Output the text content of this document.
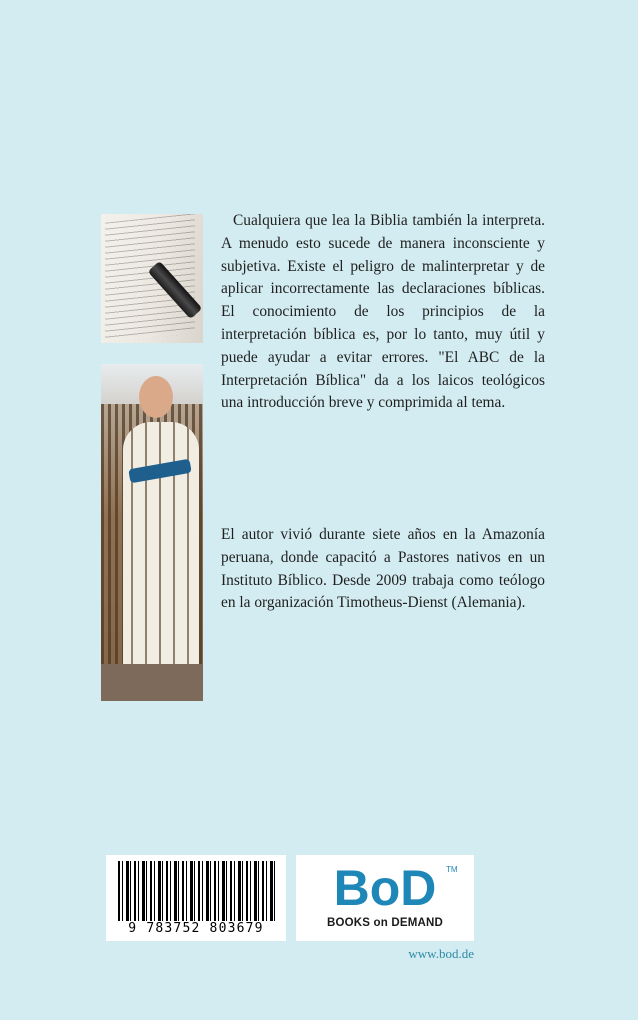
Cualquiera que lea la Biblia también la interpreta. A menudo esto sucede de manera inconsciente y subjetiva. Existe el peligro de malinterpretar y de aplicar incorrectamente las declaraciones bíblicas. El conocimiento de los principios de la interpretación bíblica es, por lo tanto, muy útil y puede ayudar a evitar errores. "El ABC de la Interpretación Bíblica" da a los laicos teológicos una introducción breve y comprimida al tema.

El autor vivió durante siete años en la Amazonía peruana, donde capacitó a Pastores nativos en un Instituto Bíblico. Desde 2009 trabaja como teólogo en la organización Timotheus-Dienst (Alemania).

9 783752 803679
BoD	TM
BOOKS on DEMAND
www.bod.de
